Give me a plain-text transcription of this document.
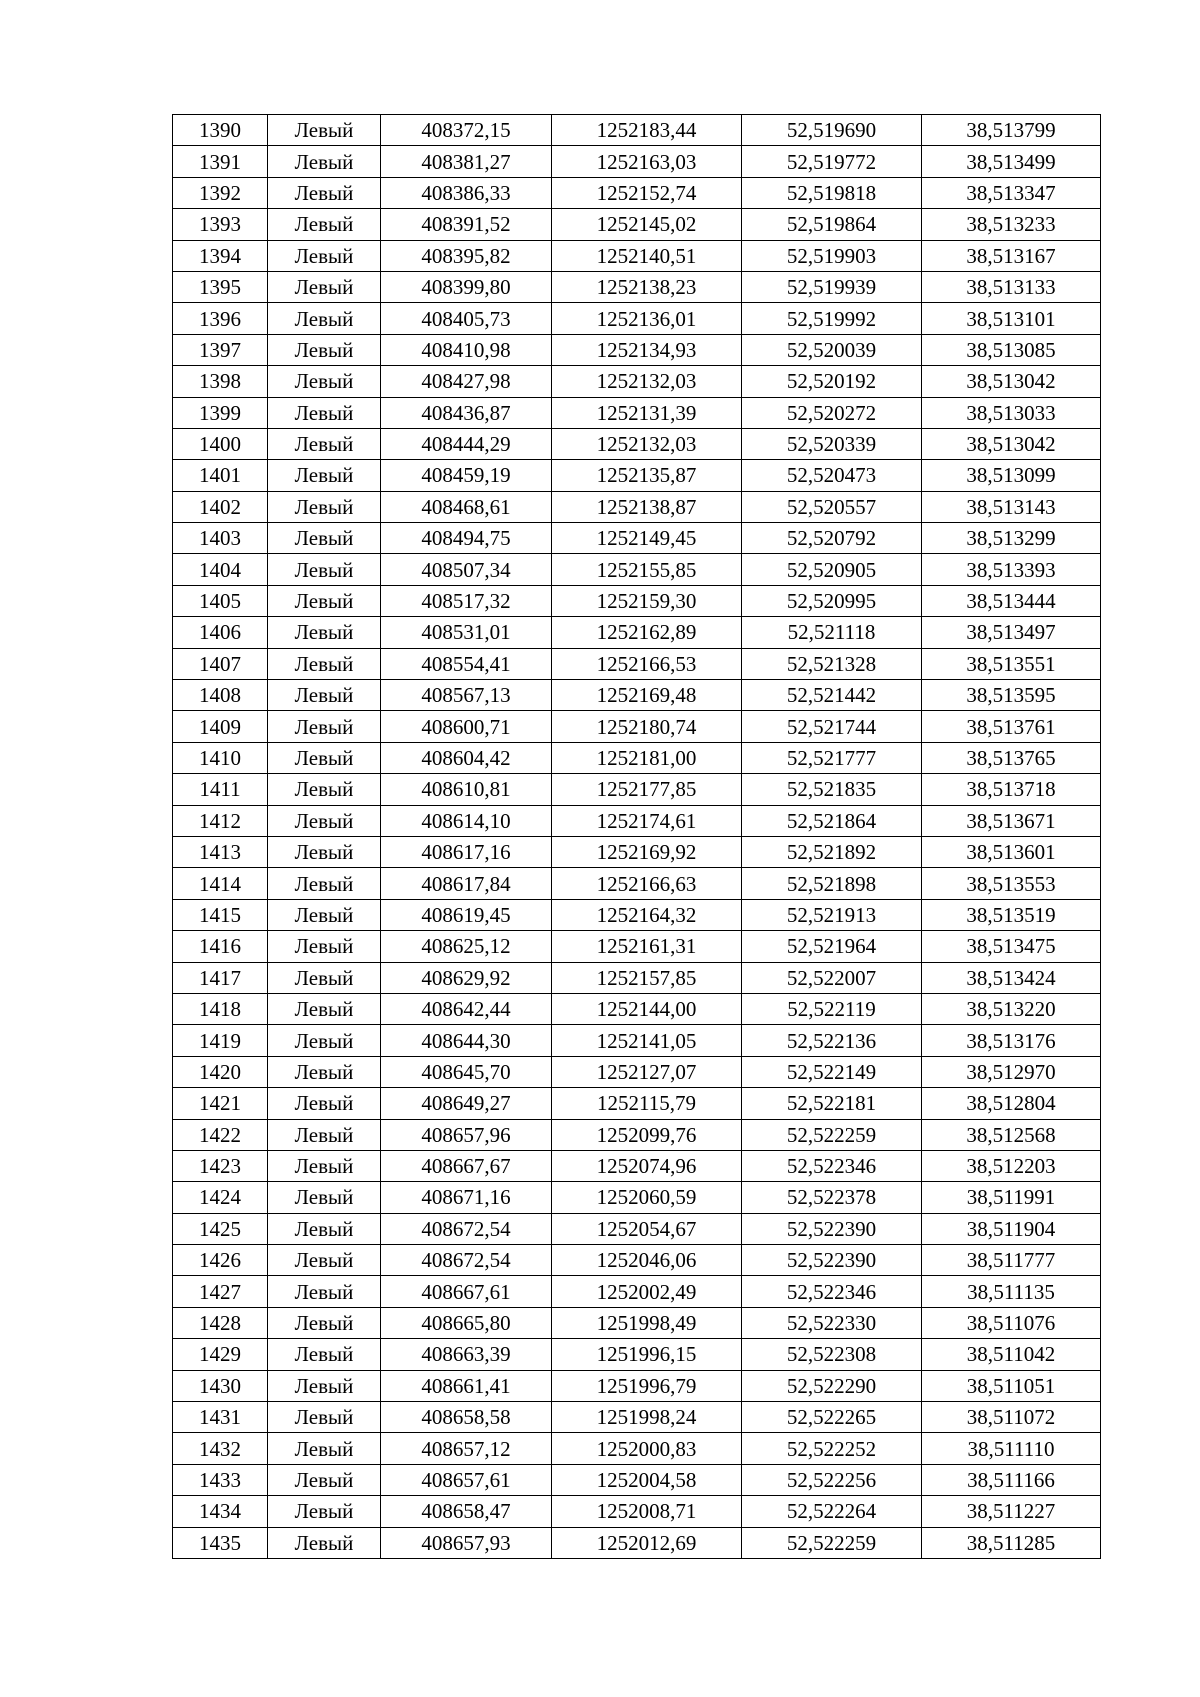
1390	Левый	408372,15	1252183,44	52,519690	38,513799
1391	Левый	408381,27	1252163,03	52,519772	38,513499
1392	Левый	408386,33	1252152,74	52,519818	38,513347
1393	Левый	408391,52	1252145,02	52,519864	38,513233
1394	Левый	408395,82	1252140,51	52,519903	38,513167
1395	Левый	408399,80	1252138,23	52,519939	38,513133
1396	Левый	408405,73	1252136,01	52,519992	38,513101
1397	Левый	408410,98	1252134,93	52,520039	38,513085
1398	Левый	408427,98	1252132,03	52,520192	38,513042
1399	Левый	408436,87	1252131,39	52,520272	38,513033
1400	Левый	408444,29	1252132,03	52,520339	38,513042
1401	Левый	408459,19	1252135,87	52,520473	38,513099
1402	Левый	408468,61	1252138,87	52,520557	38,513143
1403	Левый	408494,75	1252149,45	52,520792	38,513299
1404	Левый	408507,34	1252155,85	52,520905	38,513393
1405	Левый	408517,32	1252159,30	52,520995	38,513444
1406	Левый	408531,01	1252162,89	52,521118	38,513497
1407	Левый	408554,41	1252166,53	52,521328	38,513551
1408	Левый	408567,13	1252169,48	52,521442	38,513595
1409	Левый	408600,71	1252180,74	52,521744	38,513761
1410	Левый	408604,42	1252181,00	52,521777	38,513765
1411	Левый	408610,81	1252177,85	52,521835	38,513718
1412	Левый	408614,10	1252174,61	52,521864	38,513671
1413	Левый	408617,16	1252169,92	52,521892	38,513601
1414	Левый	408617,84	1252166,63	52,521898	38,513553
1415	Левый	408619,45	1252164,32	52,521913	38,513519
1416	Левый	408625,12	1252161,31	52,521964	38,513475
1417	Левый	408629,92	1252157,85	52,522007	38,513424
1418	Левый	408642,44	1252144,00	52,522119	38,513220
1419	Левый	408644,30	1252141,05	52,522136	38,513176
1420	Левый	408645,70	1252127,07	52,522149	38,512970
1421	Левый	408649,27	1252115,79	52,522181	38,512804
1422	Левый	408657,96	1252099,76	52,522259	38,512568
1423	Левый	408667,67	1252074,96	52,522346	38,512203
1424	Левый	408671,16	1252060,59	52,522378	38,511991
1425	Левый	408672,54	1252054,67	52,522390	38,511904
1426	Левый	408672,54	1252046,06	52,522390	38,511777
1427	Левый	408667,61	1252002,49	52,522346	38,511135
1428	Левый	408665,80	1251998,49	52,522330	38,511076
1429	Левый	408663,39	1251996,15	52,522308	38,511042
1430	Левый	408661,41	1251996,79	52,522290	38,511051
1431	Левый	408658,58	1251998,24	52,522265	38,511072
1432	Левый	408657,12	1252000,83	52,522252	38,511110
1433	Левый	408657,61	1252004,58	52,522256	38,511166
1434	Левый	408658,47	1252008,71	52,522264	38,511227
1435	Левый	408657,93	1252012,69	52,522259	38,511285
